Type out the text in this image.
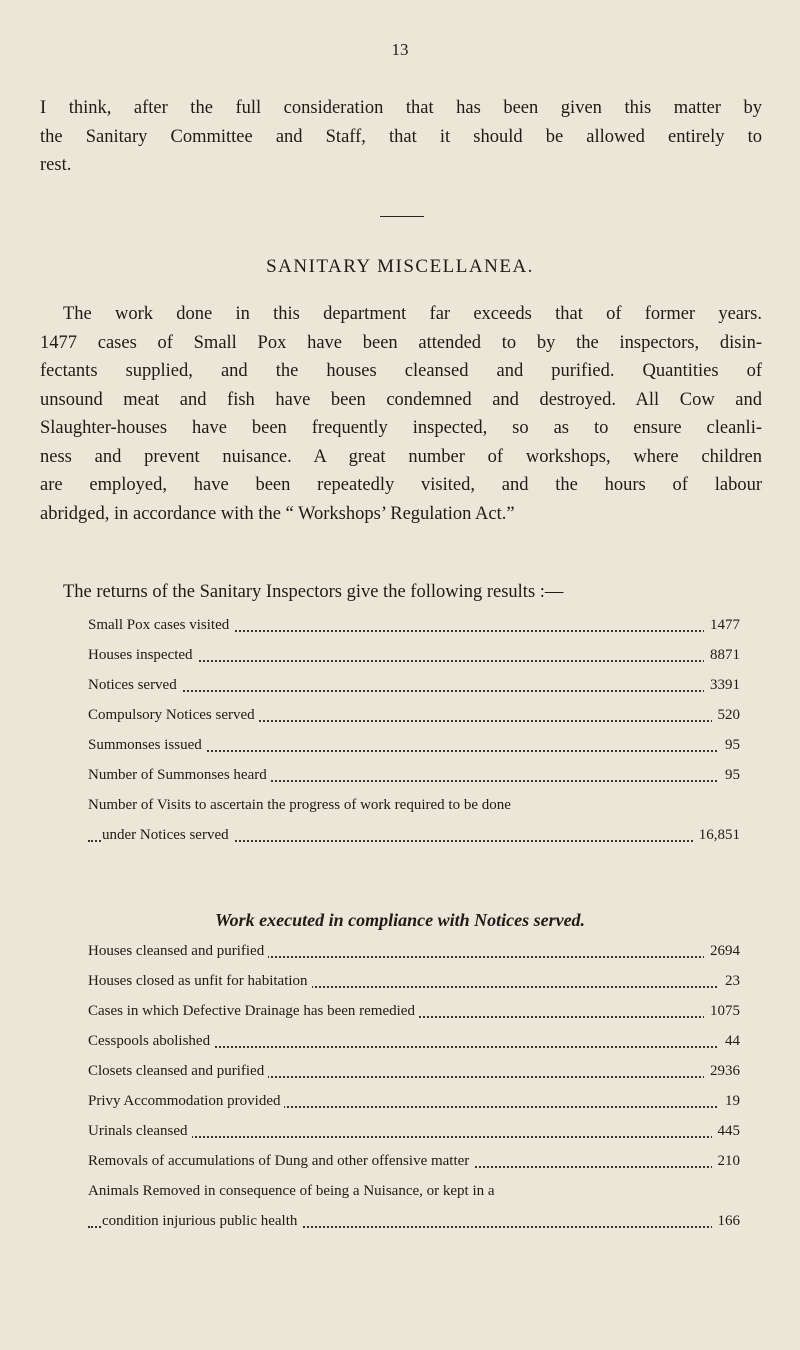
13
I think, after the full consideration that has been given this matter by
the Sanitary Committee and Staff, that it should be allowed entirely to
rest.
SANITARY MISCELLANEA.
The work done in this department far exceeds that of former years.
1477 cases of Small Pox have been attended to by the inspectors, disin-
fectants supplied, and the houses cleansed and purified. Quantities of
unsound meat and fish have been condemned and destroyed. All Cow and
Slaughter-houses have been frequently inspected, so as to ensure cleanli-
ness and prevent nuisance. A great number of workshops, where children
are employed, have been repeatedly visited, and the hours of labour
abridged, in accordance with the “ Workshops’ Regulation Act.”
The returns of the Sanitary Inspectors give the following results :—
Small Pox cases visited	1477
Houses inspected	8871
Notices served	3391
Compulsory Notices served	520
Summonses issued	95
Number of Summonses heard	95
Number of Visits to ascertain the progress of work required to be done
under Notices served	16,851
Work executed in compliance with Notices served.
Houses cleansed and purified	2694
Houses closed as unfit for habitation	23
Cases in which Defective Drainage has been remedied	1075
Cesspools abolished	44
Closets cleansed and purified	2936
Privy Accommodation provided	19
Urinals cleansed	445
Removals of accumulations of Dung and other offensive matter	210
Animals Removed in consequence of being a Nuisance, or kept in a
condition injurious public health	166
